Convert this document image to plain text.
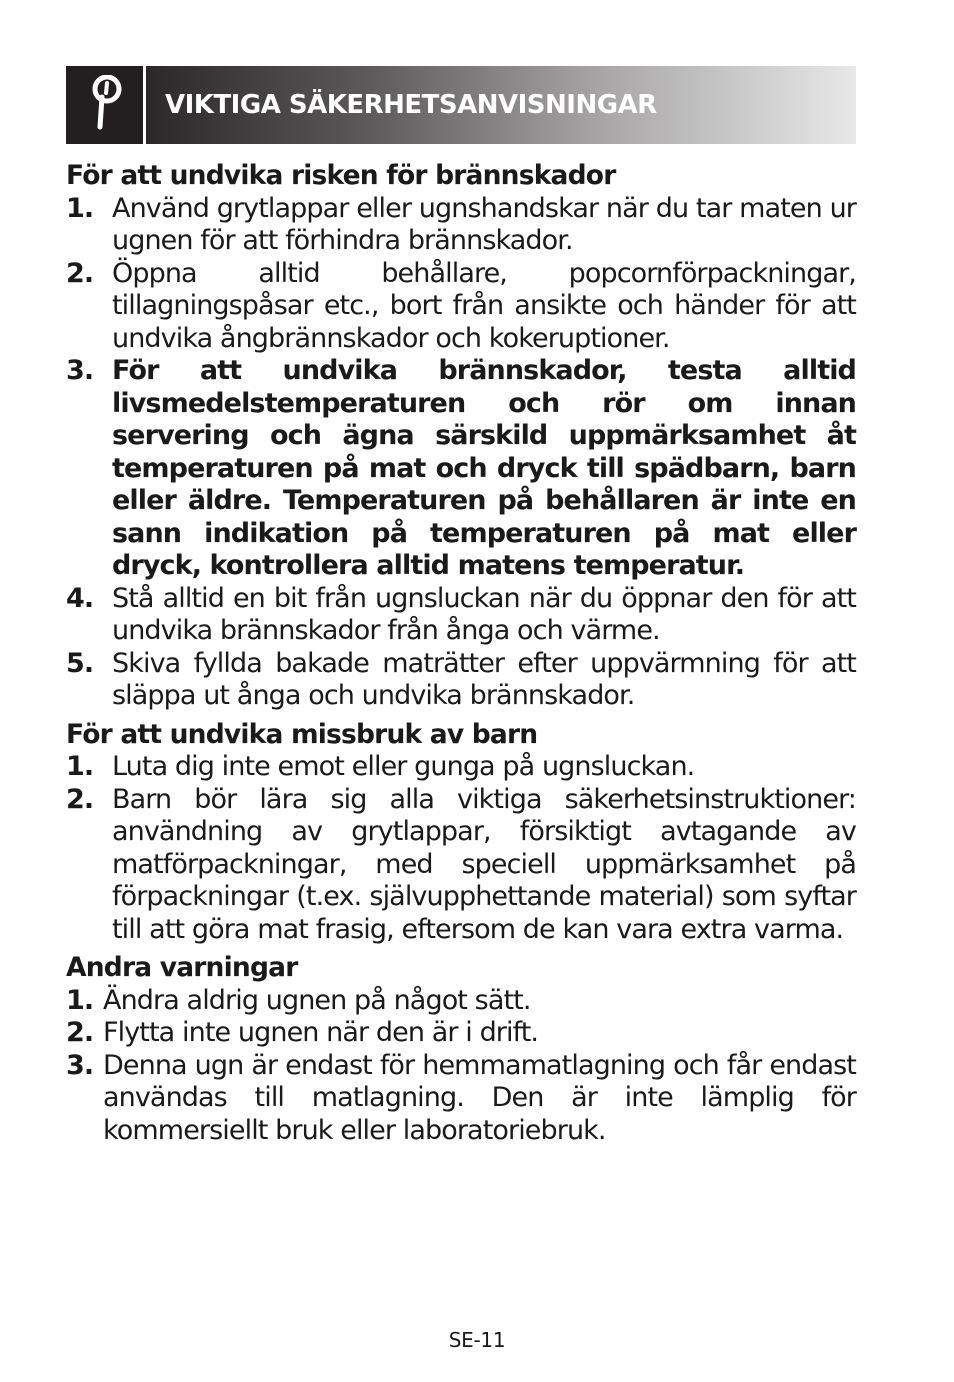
VIKTIGA SÄKERHETSANVISNINGAR

För att undvika risken för brännskador

1. Använd grytlappar eller ugnshandskar när du tar maten ur ugnen för att förhindra brännskador.
2. Öppna alltid behållare, popcornförpackningar, tillagningspåsar etc., bort från ansikte och händer för att undvika ångbrännskador och kokeruptioner.
3. För att undvika brännskador, testa alltid livsmedelstemperaturen och rör om innan servering och ägna särskild uppmärksamhet åt temperaturen på mat och dryck till spädbarn, barn eller äldre. Temperaturen på behållaren är inte en sann indikation på temperaturen på mat eller dryck, kontrollera alltid matens temperatur.
4. Stå alltid en bit från ugnsluckan när du öppnar den för att undvika brännskador från ånga och värme.
5. Skiva fyllda bakade maträtter efter uppvärmning för att släppa ut ånga och undvika brännskador.

För att undvika missbruk av barn

1. Luta dig inte emot eller gunga på ugnsluckan.
2. Barn bör lära sig alla viktiga säkerhetsinstruktioner: användning av grytlappar, försiktigt avtagande av matförpackningar, med speciell uppmärksamhet på förpackningar (t.ex. självupphettande material) som syftar till att göra mat frasig, eftersom de kan vara extra varma.

Andra varningar

1. Ändra aldrig ugnen på något sätt.
2. Flytta inte ugnen när den är i drift.
3. Denna ugn är endast för hemmamatlagning och får endast användas till matlagning. Den är inte lämplig för kommersiellt bruk eller laboratoriebruk.
SE-11
